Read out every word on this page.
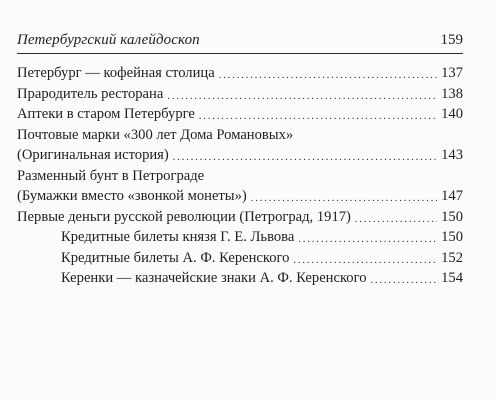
Петербургский калейдоскоп	159
Петербург — кофейная столица .....	137
Прародитель ресторана .....	138
Аптеки в старом Петербурге .....	140
Почтовые марки «300 лет Дома Романовых»
(Оригинальная история) .....	143
Разменный бунт в Петрограде
(Бумажки вместо «звонкой монеты») .....	147
Первые деньги русской революции (Петроград, 1917) .....	150
Кредитные билеты князя Г. Е. Львова .....	150
Кредитные билеты А. Ф. Керенского .....	152
Керенки — казначейские знаки А. Ф. Керенского .....	154
